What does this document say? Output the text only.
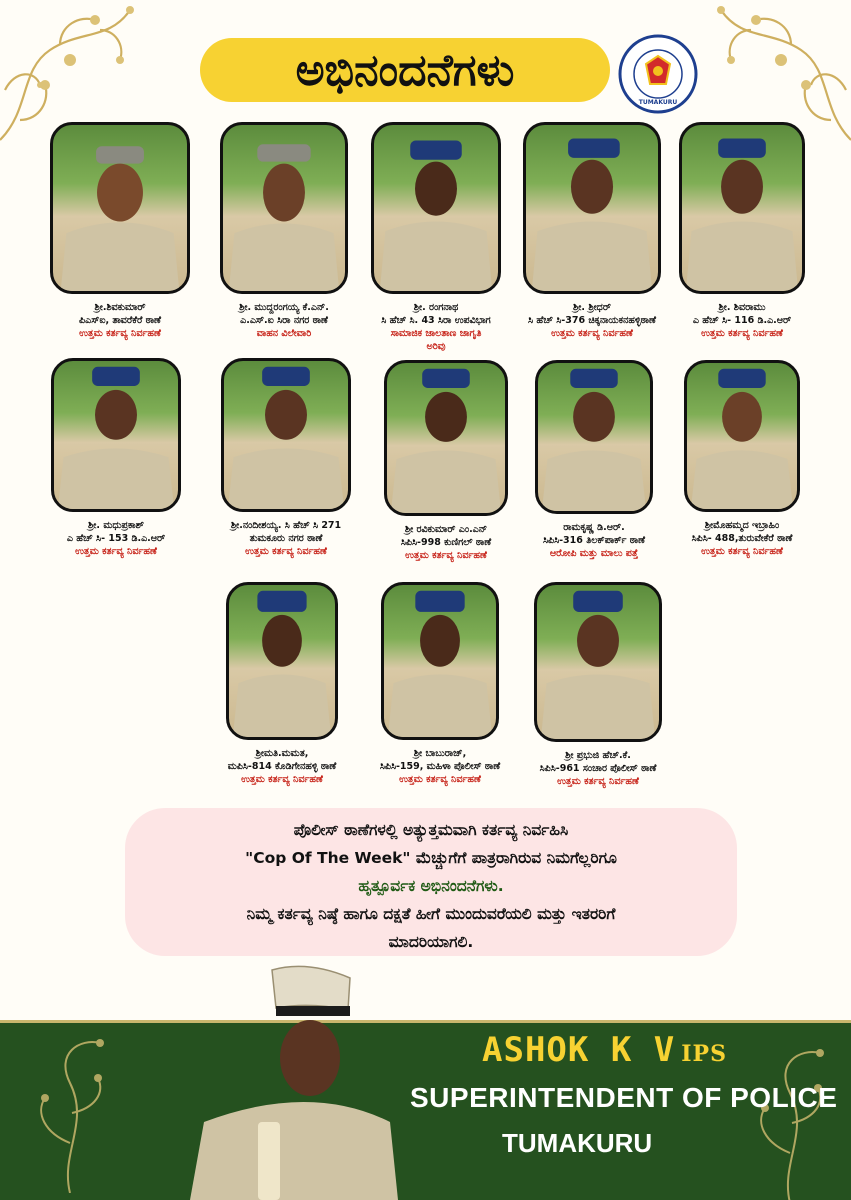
ಅಭಿನಂದನೆಗಳು
TUMAKURU
ಶ್ರೀ.ಶಿವಕುಮಾರ್
ಪಿಎಸ್‌ಐ, ತಾವರೆಕೆರೆ ಠಾಣೆ
ಉತ್ತಮ ಕರ್ತವ್ಯ ನಿರ್ವಹಣೆ
ಶ್ರೀ. ಮುದ್ದರಂಗಯ್ಯ ಕೆ.ಎನ್.
ಎ.ಎಸ್.ಐ ಸಿರಾ ನಗರ ಠಾಣೆ
ವಾಹನ ವಿಲೇವಾರಿ
ಶ್ರೀ. ರಂಗನಾಥ
ಸಿ ಹೆಚ್ ಸಿ. 43 ಸಿರಾ ಉಪವಿಭಾಗ
ಸಾಮಾಜಿಕ ಜಾಲತಾಣ ಜಾಗೃತಿ
ಅರಿವು
ಶ್ರೀ. ಶ್ರೀಧರ್
ಸಿ ಹೆಚ್ ಸಿ-376 ಚಿಕ್ಕನಾಯಕನಹಳ್ಳಿಠಾಣೆ
ಉತ್ತಮ ಕರ್ತವ್ಯ ನಿರ್ವಹಣೆ
ಶ್ರೀ. ಶಿವರಾಮು
ಎ ಹೆಚ್ ಸಿ- 116 ಡಿ.ಎ.ಆರ್
ಉತ್ತಮ ಕರ್ತವ್ಯ ನಿರ್ವಹಣೆ
ಶ್ರೀ. ಮಧುಪ್ರಕಾಶ್
ಎ ಹೆಚ್ ಸಿ- 153 ಡಿ.ಎ.ಆರ್
ಉತ್ತಮ ಕರ್ತವ್ಯ ನಿರ್ವಹಣೆ
ಶ್ರೀ.ನಂದೀಶಯ್ಯ. ಸಿ ಹೆಚ್ ಸಿ 271
ತುಮಕೂರು ನಗರ ಠಾಣೆ
ಉತ್ತಮ ಕರ್ತವ್ಯ ನಿರ್ವಹಣೆ
ಶ್ರೀ ರವಿಕುಮಾರ್ ಎಂ.ಎನ್
ಸಿಪಿಸಿ-998 ಕುಣಿಗಲ್ ಠಾಣೆ
ಉತ್ತಮ ಕರ್ತವ್ಯ ನಿರ್ವಹಣೆ
ರಾಮಕೃಷ್ಣ ಡಿ.ಆರ್.
ಸಿಪಿಸಿ-316 ತಿಲಕ್‌ಪಾರ್ಕ್ ಠಾಣೆ
ಆರೋಪಿ ಮತ್ತು ಮಾಲು ಪತ್ತೆ
ಶ್ರೀಮೊಹಮ್ಮದ ಇಬ್ರಾಹಿಂ
ಸಿಪಿಸಿ- 488,ತುರುವೇಕೆರೆ ಠಾಣೆ
ಉತ್ತಮ ಕರ್ತವ್ಯ ನಿರ್ವಹಣೆ
ಶ್ರೀಮತಿ.ಮಮತ,
ಮಪಿಸಿ-814 ಕೊಡಿಗೇನಹಳ್ಳಿ ಠಾಣೆ
ಉತ್ತಮ ಕರ್ತವ್ಯ ನಿರ್ವಹಣೆ
ಶ್ರೀ ಬಾಬುರಾಜ್,
ಸಿಪಿಸಿ-159, ಮಹಿಳಾ ಪೊಲೀಸ್ ಠಾಣೆ
ಉತ್ತಮ ಕರ್ತವ್ಯ ನಿರ್ವಹಣೆ
ಶ್ರೀ ಪ್ರಭುಜಿ ಹೆಚ್.ಕೆ.
ಸಿಪಿಸಿ-961 ಸಂಚಾರ ಪೊಲೀಸ್ ಠಾಣೆ
ಉತ್ತಮ ಕರ್ತವ್ಯ ನಿರ್ವಹಣೆ
ಪೊಲೀಸ್ ಠಾಣೆಗಳಲ್ಲಿ ಅತ್ಯುತ್ತಮವಾಗಿ ಕರ್ತವ್ಯ ನಿರ್ವಹಿಸಿ
"Cop Of The Week" ಮೆಚ್ಚುಗೆಗೆ ಪಾತ್ರರಾಗಿರುವ ನಿಮಗೆಲ್ಲರಿಗೂ
ಹೃತ್ಪೂರ್ವಕ ಅಭಿನಂದನೆಗಳು.
ನಿಮ್ಮ ಕರ್ತವ್ಯ ನಿಷ್ಠೆ ಹಾಗೂ ದಕ್ಷತೆ ಹೀಗೆ ಮುಂದುವರೆಯಲಿ ಮತ್ತು ಇತರರಿಗೆ
ಮಾದರಿಯಾಗಲಿ.
ASHOK K V IPS
SUPERINTENDENT OF POLICE
TUMAKURU
